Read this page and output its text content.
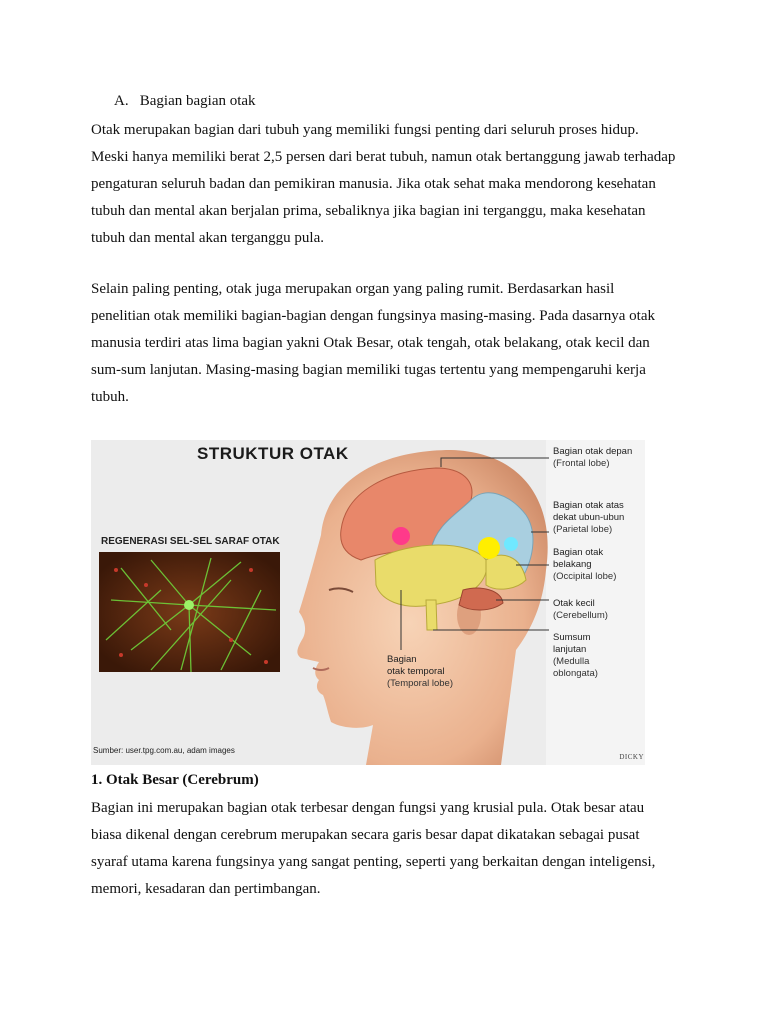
A. Bagian bagian otak

Otak merupakan bagian dari tubuh yang memiliki fungsi penting dari seluruh proses hidup.
Meski hanya memiliki berat 2,5 persen dari berat tubuh, namun otak bertanggung jawab terhadap
pengaturan seluruh badan dan pemikiran manusia. Jika otak sehat maka mendorong kesehatan
tubuh dan mental akan berjalan prima, sebaliknya jika bagian ini terganggu, maka kesehatan
tubuh dan mental akan terganggu pula.

Selain paling penting, otak juga merupakan organ yang paling rumit. Berdasarkan hasil
penelitian otak memiliki bagian-bagian dengan fungsinya masing-masing. Pada dasarnya otak
manusia terdiri atas lima bagian yakni Otak Besar, otak tengah, otak belakang, otak kecil dan
sum-sum lanjutan. Masing-masing bagian memiliki tugas tertentu yang mempengaruhi kerja
tubuh.

STRUKTUR OTAK
REGENERASI SEL-SEL SARAF OTAK
Bagian otak depan
(Frontal lobe)
Bagian otak atas
dekat ubun-ubun
(Parietal lobe)
Bagian otak
belakang
(Occipital lobe)
Otak kecil
(Cerebellum)
Sumsum
lanjutan
(Medulla
oblongata)
Bagian
otak temporal
(Temporal lobe)
Sumber: user.tpg.com.au, adam images
DICKY
1. Otak Besar (Cerebrum)

Bagian ini merupakan bagian otak terbesar dengan fungsi yang krusial pula. Otak besar atau
biasa dikenal dengan cerebrum merupakan secara garis besar dapat dikatakan sebagai pusat
syaraf utama karena fungsinya yang sangat penting, seperti yang berkaitan dengan inteligensi,
memori, kesadaran dan pertimbangan.
